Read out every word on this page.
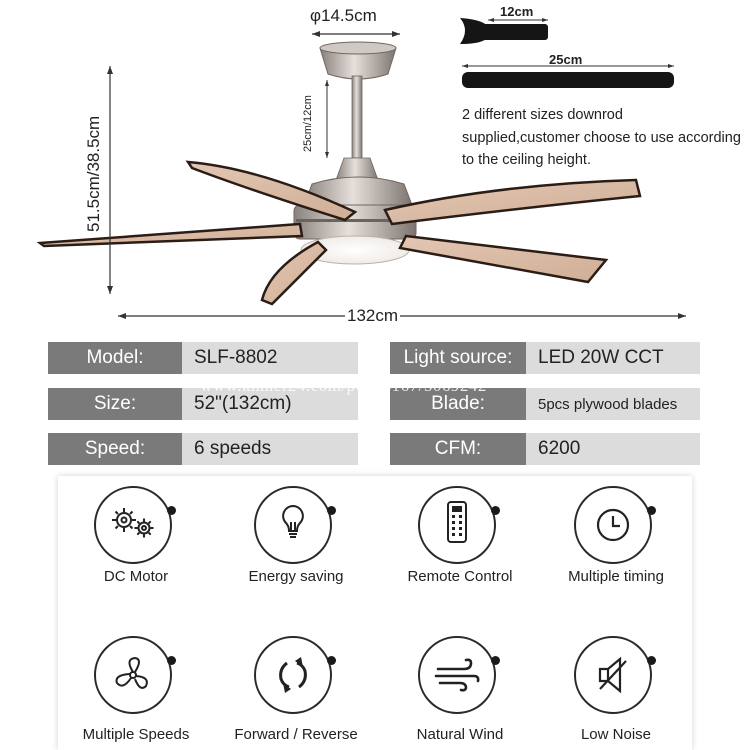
φ14.5cm	12cm
25cm
25cm/12cm
51.5cm/38.5cm
132cm
2 different sizes downrod supplied,customer choose to use according to the ceiling height.
Model:	SLF-8802	Light source:	LED 20W CCT
Size:	52"(132cm)	Blade:	5pcs plywood blades
Speed:	6 speeds	CFM:	6200
www.khmer24.com/p6896167/5069242
DC Motor	Energy saving	Remote Control	Multiple timing
Multiple Speeds	Forward / Reverse	Natural Wind	Low Noise
